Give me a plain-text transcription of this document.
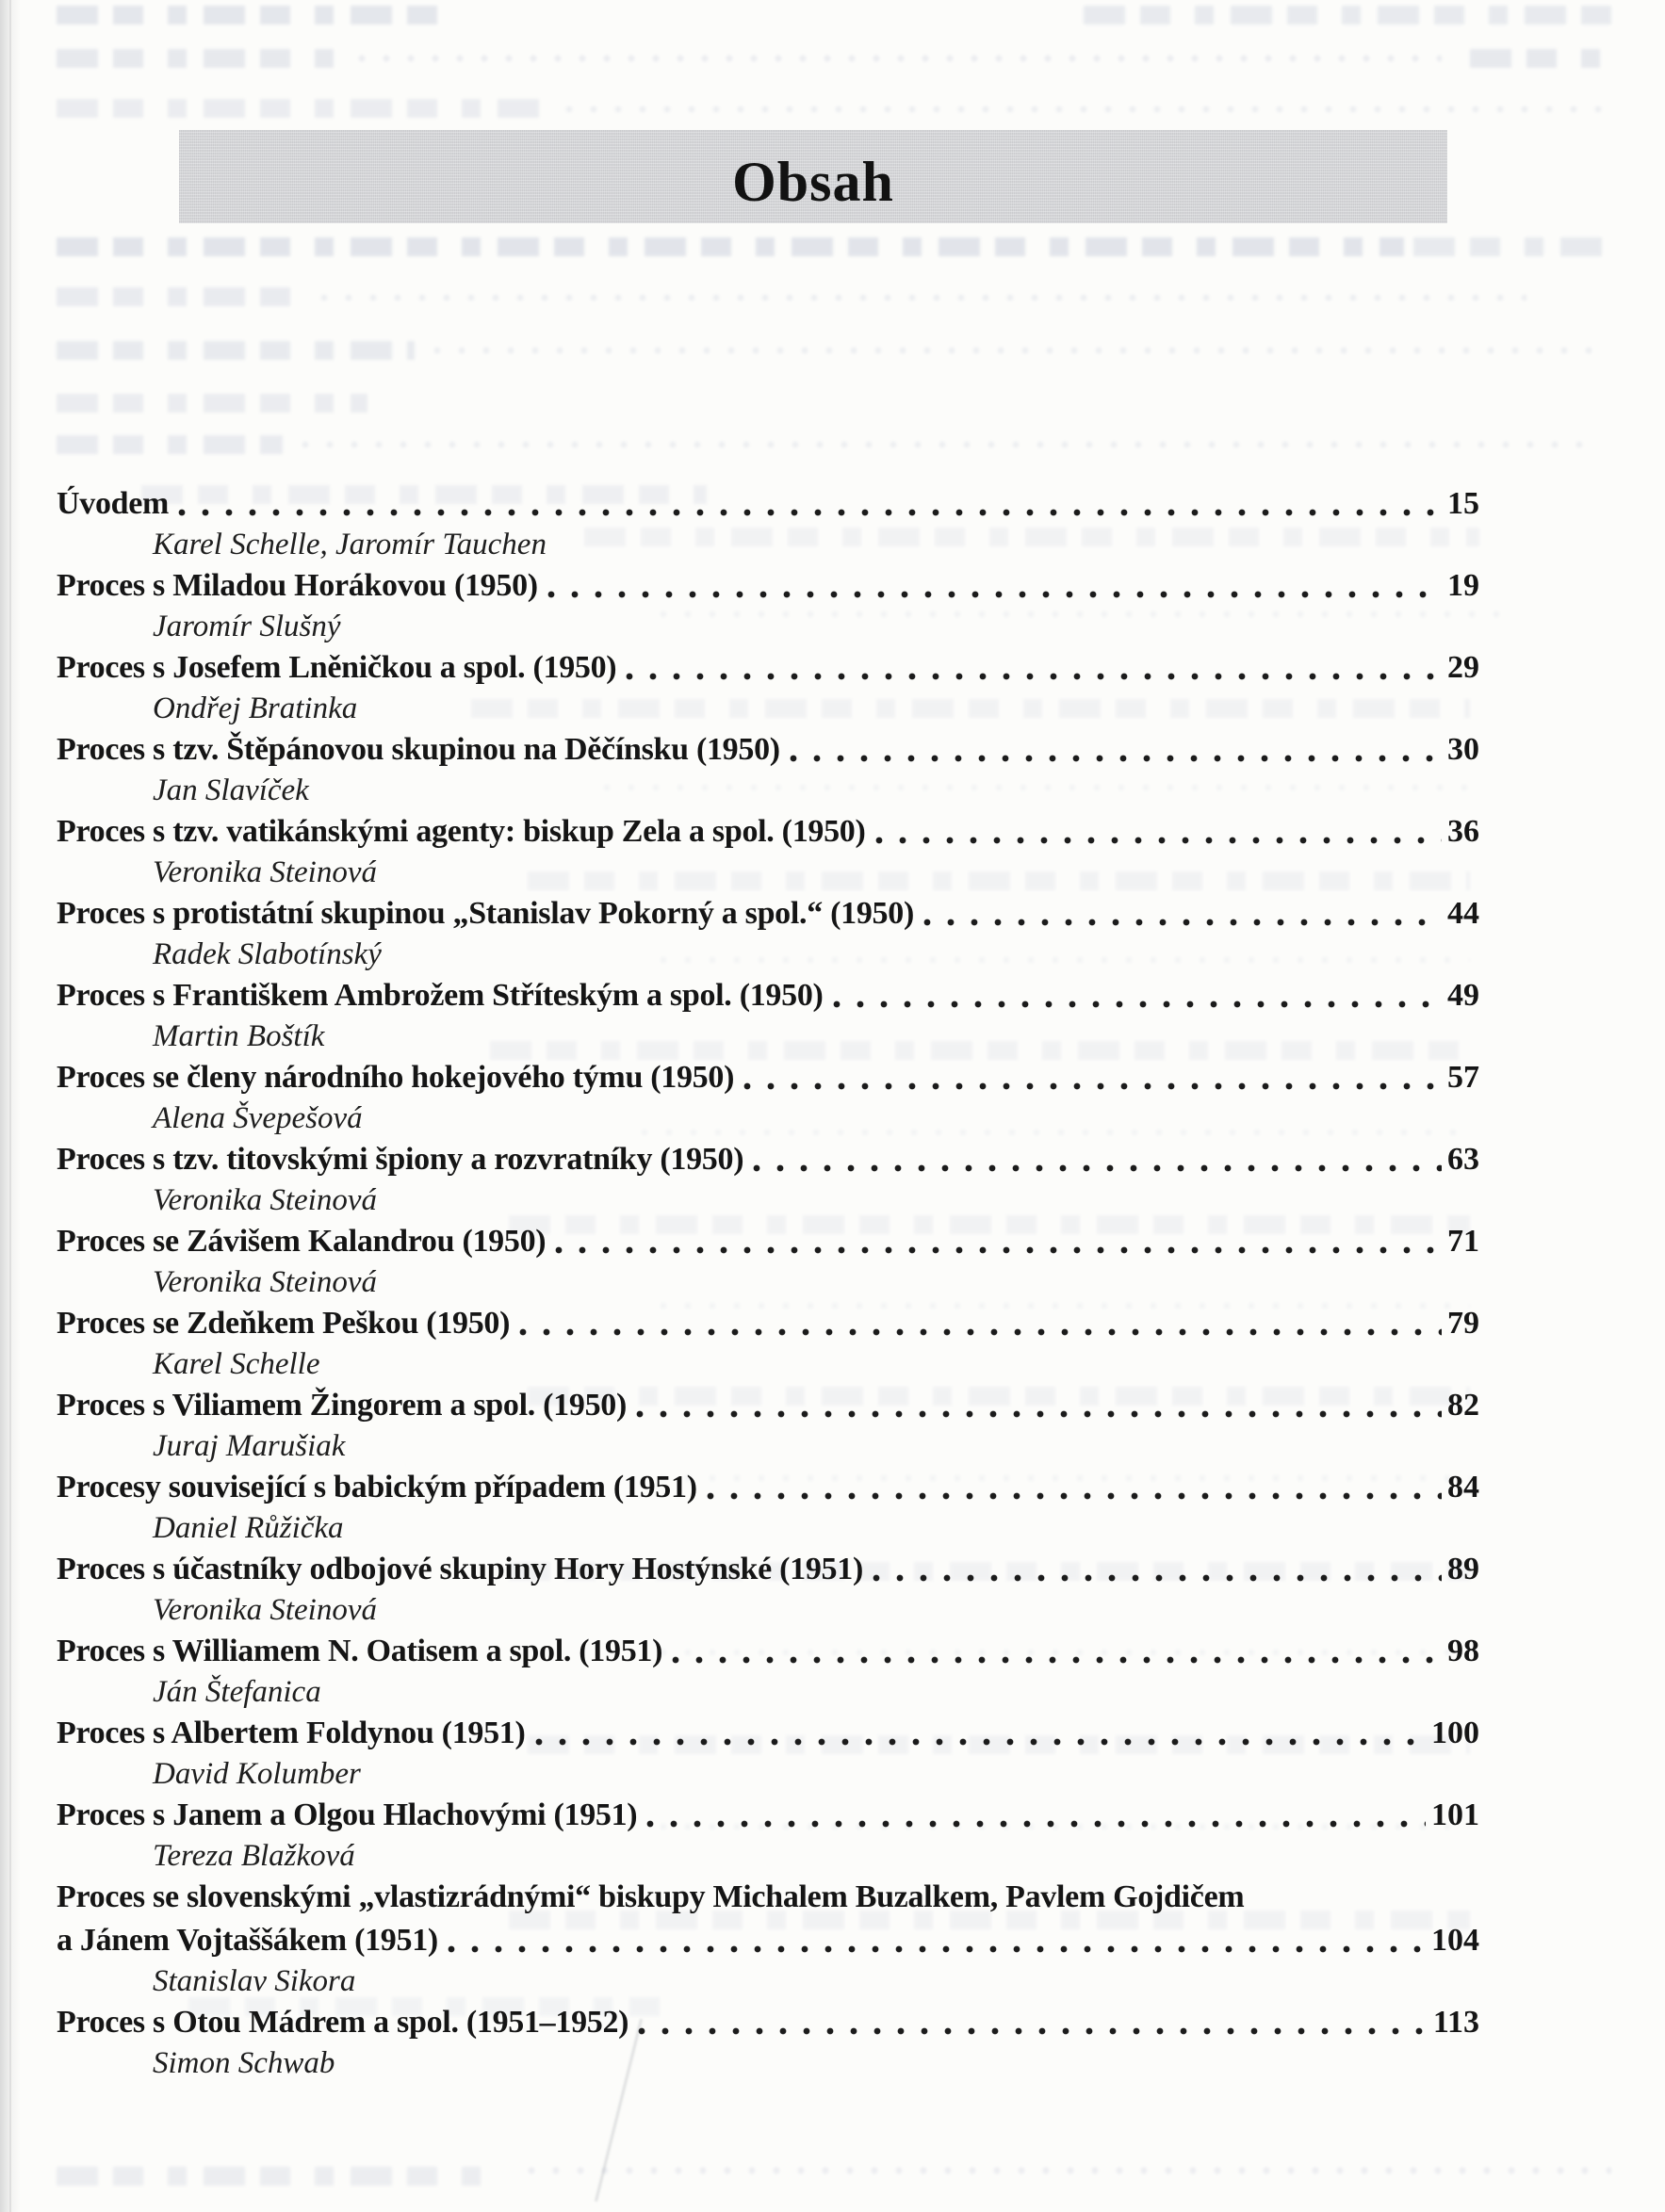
Obsah
Úvodem	15
Karel Schelle, Jaromír Tauchen
Proces s Miladou Horákovou (1950)	19
Jaromír Slušný
Proces s Josefem Lněničkou a spol. (1950)	29
Ondřej Bratinka
Proces s tzv. Štěpánovou skupinou na Děčínsku (1950)	30
Jan Slavíček
Proces s tzv. vatikánskými agenty: biskup Zela a spol. (1950)	36
Veronika Steinová
Proces s protistátní skupinou „Stanislav Pokorný a spol.“ (1950)	44
Radek Slabotínský
Proces s Františkem Ambrožem Stříteským a spol. (1950)	49
Martin Boštík
Proces se členy národního hokejového týmu (1950)	57
Alena Švepešová
Proces s tzv. titovskými špiony a rozvratníky (1950)	63
Veronika Steinová
Proces se Závišem Kalandrou (1950)	71
Veronika Steinová
Proces se Zdeňkem Peškou (1950)	79
Karel Schelle
Proces s Viliamem Žingorem a spol. (1950)	82
Juraj Marušiak
Procesy související s babickým případem (1951)	84
Daniel Růžička
Proces s účastníky odbojové skupiny Hory Hostýnské (1951)	89
Veronika Steinová
Proces s Williamem N. Oatisem a spol. (1951)	98
Ján Štefanica
Proces s Albertem Foldynou (1951)	100
David Kolumber
Proces s Janem a Olgou Hlachovými (1951)	101
Tereza Blažková
Proces se slovenskými „vlastizrádnými“ biskupy Michalem Buzalkem, Pavlem Gojdičem
a Jánem Vojtaššákem (1951)	104
Stanislav Sikora
Proces s Otou Mádrem a spol. (1951–1952)	113
Simon Schwab
